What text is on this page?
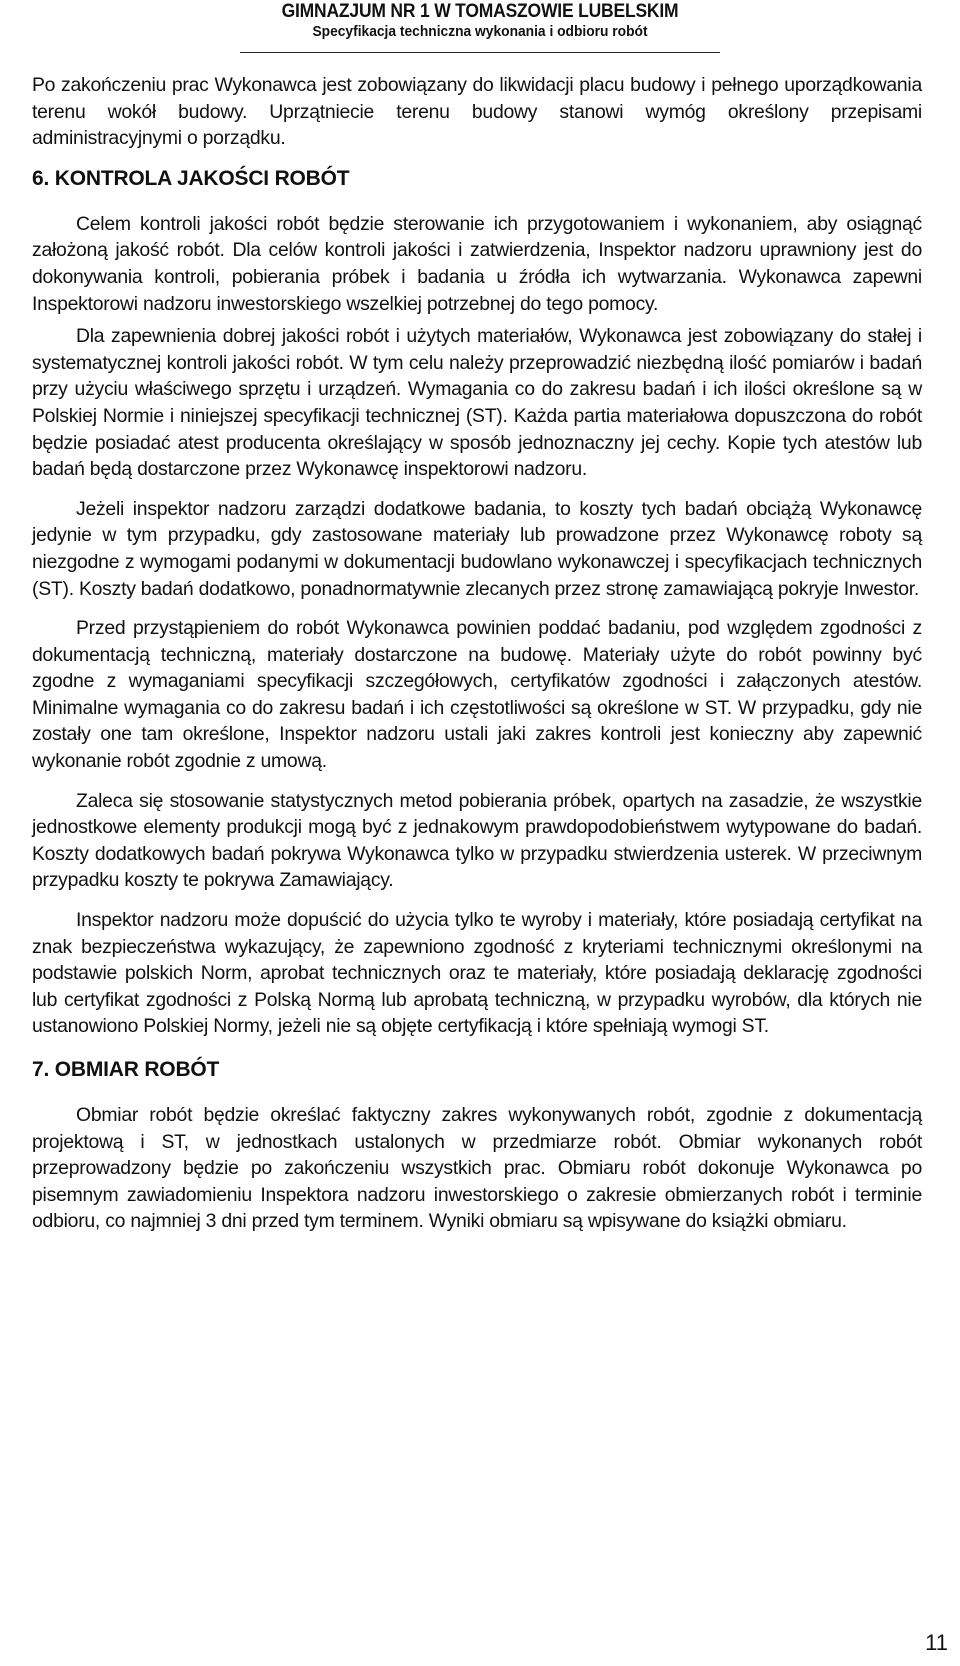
GIMNAZJUM NR 1 W TOMASZOWIE LUBELSKIM
Specyfikacja techniczna wykonania i odbioru robót

Po zakończeniu prac Wykonawca jest zobowiązany do likwidacji placu budowy i pełnego uporządkowania terenu wokół budowy. Uprzątniecie terenu budowy stanowi wymóg określony przepisami administracyjnymi o porządku.

6. KONTROLA JAKOŚCI ROBÓT

Celem kontroli jakości robót będzie sterowanie ich przygotowaniem i wykonaniem, aby osiągnąć założoną jakość robót. Dla celów kontroli jakości i zatwierdzenia, Inspektor nadzoru uprawniony jest do dokonywania kontroli, pobierania próbek i badania u źródła ich wytwarzania. Wykonawca zapewni Inspektorowi nadzoru inwestorskiego wszelkiej potrzebnej do tego pomocy.

Dla zapewnienia dobrej jakości robót i użytych materiałów, Wykonawca jest zobowiązany do stałej i systematycznej kontroli jakości robót. W tym celu należy przeprowadzić niezbędną ilość pomiarów i badań przy użyciu właściwego sprzętu i urządzeń. Wymagania co do zakresu badań i ich ilości określone są w Polskiej Normie i niniejszej specyfikacji technicznej (ST). Każda partia materiałowa dopuszczona do robót będzie posiadać atest producenta określający w sposób jednoznaczny jej cechy. Kopie tych atestów lub badań będą dostarczone przez Wykonawcę inspektorowi nadzoru.

Jeżeli inspektor nadzoru zarządzi dodatkowe badania, to koszty tych badań obciążą Wykonawcę jedynie w tym przypadku, gdy zastosowane materiały lub prowadzone przez Wykonawcę roboty są niezgodne z wymogami podanymi w dokumentacji budowlano wykonawczej i specyfikacjach technicznych (ST). Koszty badań dodatkowo, ponadnormatywnie zlecanych przez stronę zamawiającą pokryje Inwestor.

Przed przystąpieniem do robót Wykonawca powinien poddać badaniu, pod względem zgodności z dokumentacją techniczną, materiały dostarczone na budowę. Materiały użyte do robót powinny być zgodne z wymaganiami specyfikacji szczegółowych, certyfikatów zgodności i załączonych atestów. Minimalne wymagania co do zakresu badań i ich częstotliwości są określone w ST. W przypadku, gdy nie zostały one tam określone, Inspektor nadzoru ustali jaki zakres kontroli jest konieczny aby zapewnić wykonanie robót zgodnie z umową.

Zaleca się stosowanie statystycznych metod pobierania próbek, opartych na zasadzie, że wszystkie jednostkowe elementy produkcji mogą być z jednakowym prawdopodobieństwem wytypowane do badań. Koszty dodatkowych badań pokrywa Wykonawca tylko w przypadku stwierdzenia usterek. W przeciwnym przypadku koszty te pokrywa Zamawiający.

Inspektor nadzoru może dopuścić do użycia tylko te wyroby i materiały, które posiadają certyfikat na znak bezpieczeństwa wykazujący, że zapewniono zgodność z kryteriami technicznymi określonymi na podstawie polskich Norm, aprobat technicznych oraz te materiały, które posiadają deklarację zgodności lub certyfikat zgodności z Polską Normą lub aprobatą techniczną, w przypadku wyrobów, dla których nie ustanowiono Polskiej Normy, jeżeli nie są objęte certyfikacją i które spełniają wymogi ST.

7. OBMIAR ROBÓT

Obmiar robót będzie określać faktyczny zakres wykonywanych robót, zgodnie z dokumentacją projektową i ST, w jednostkach ustalonych w przedmiarze robót. Obmiar wykonanych robót przeprowadzony będzie po zakończeniu wszystkich prac. Obmiaru robót dokonuje Wykonawca po pisemnym zawiadomieniu Inspektora nadzoru inwestorskiego o zakresie obmierzanych robót i terminie odbioru, co najmniej 3 dni przed tym terminem. Wyniki obmiaru są wpisywane do książki obmiaru.

11
